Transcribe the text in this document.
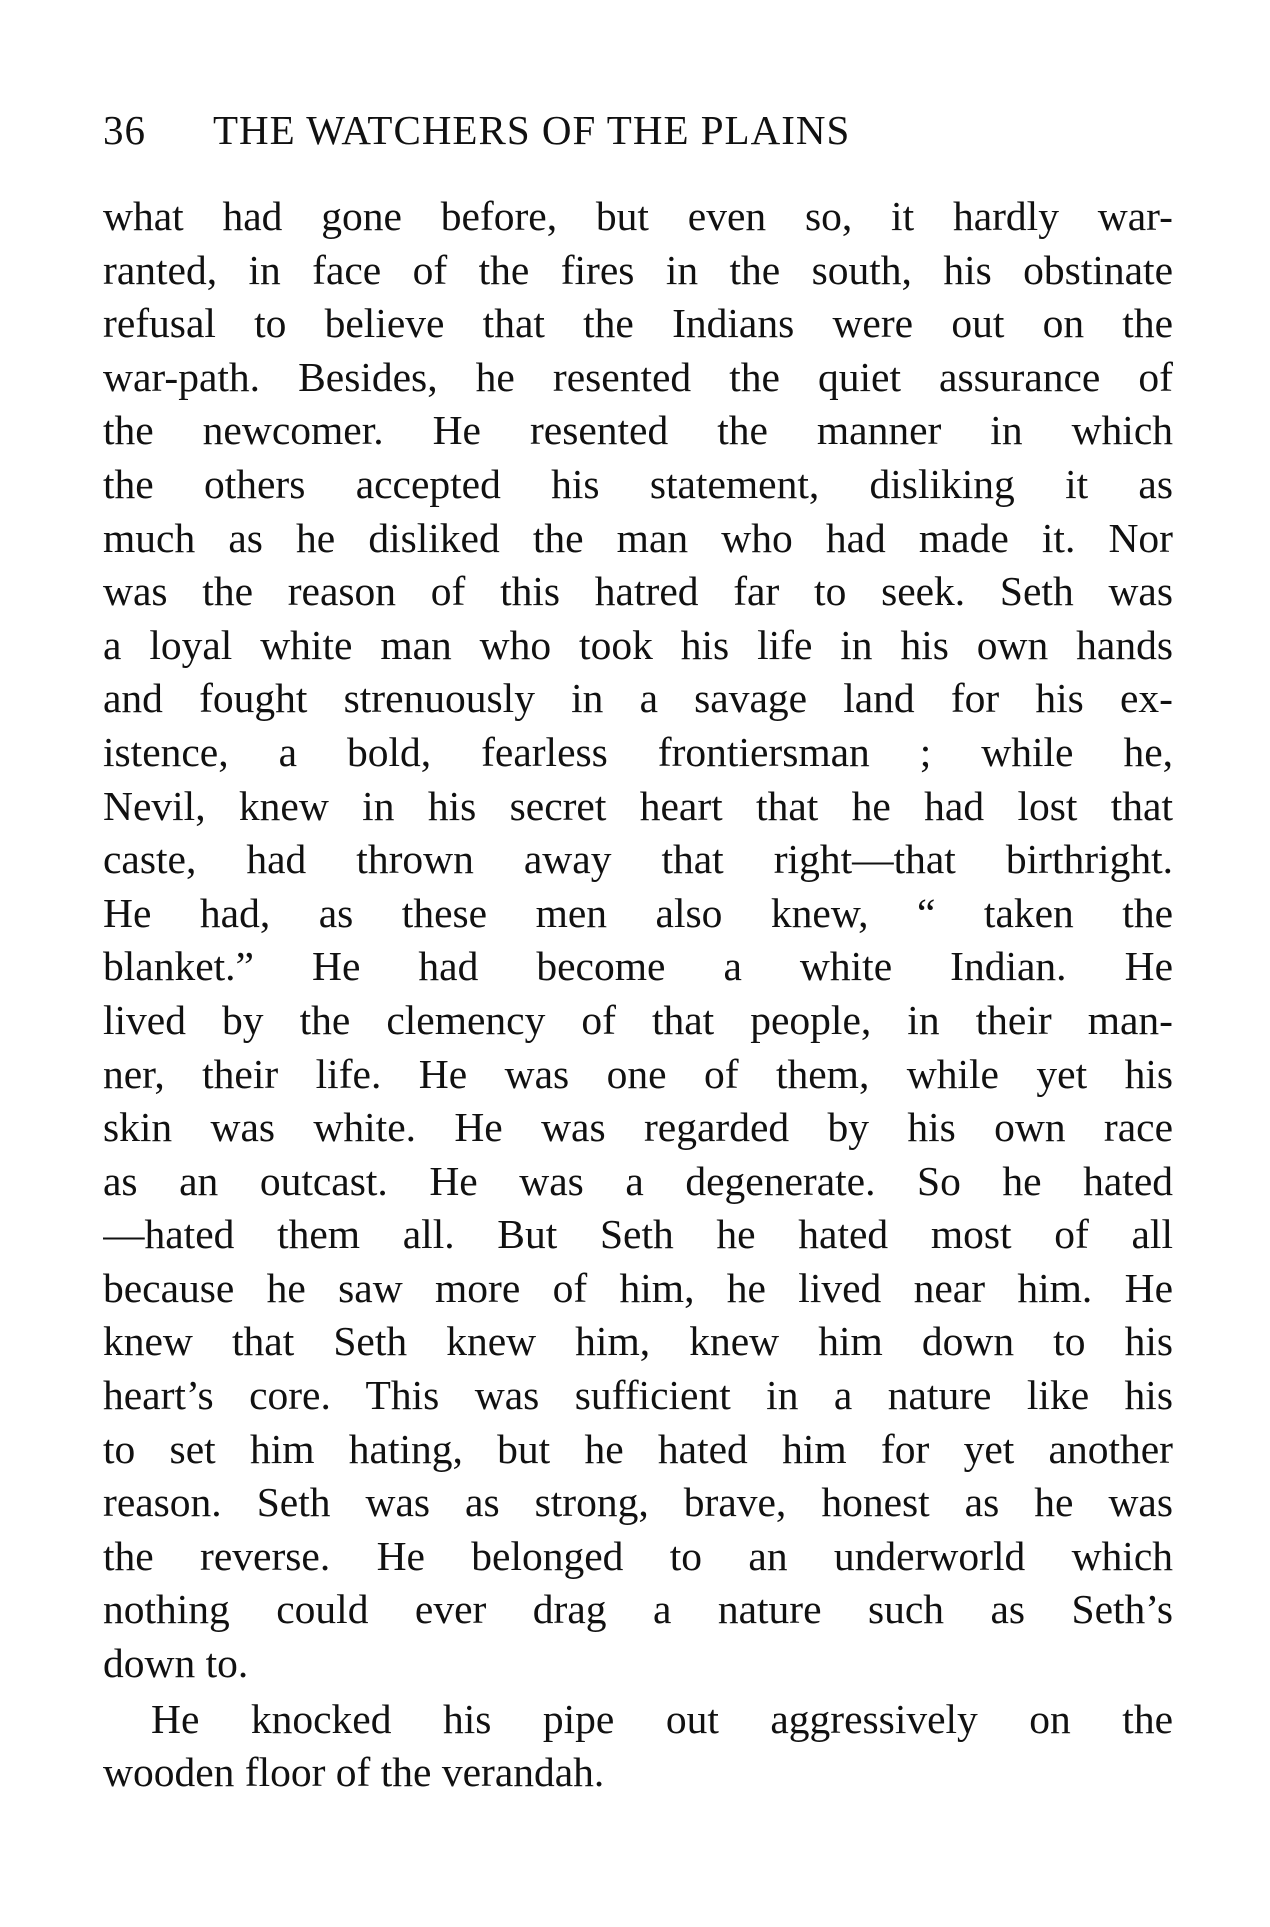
36 THE WATCHERS OF THE PLAINS
what had gone before, but even so, it hardly war-
ranted, in face of the fires in the south, his obstinate
refusal to believe that the Indians were out on the
war-path. Besides, he resented the quiet assurance of
the newcomer. He resented the manner in which
the others accepted his statement, disliking it as
much as he disliked the man who had made it. Nor
was the reason of this hatred far to seek. Seth was
a loyal white man who took his life in his own hands
and fought strenuously in a savage land for his ex-
istence, a bold, fearless frontiersman ; while he,
Nevil, knew in his secret heart that he had lost that
caste, had thrown away that right—that birthright.
He had, as these men also knew, “ taken the
blanket.” He had become a white Indian. He
lived by the clemency of that people, in their man-
ner, their life. He was one of them, while yet his
skin was white. He was regarded by his own race
as an outcast. He was a degenerate. So he hated
—hated them all. But Seth he hated most of all
because he saw more of him, he lived near him. He
knew that Seth knew him, knew him down to his
heart’s core. This was sufficient in a nature like his
to set him hating, but he hated him for yet another
reason. Seth was as strong, brave, honest as he was
the reverse. He belonged to an underworld which
nothing could ever drag a nature such as Seth’s
down to.
He knocked his pipe out aggressively on the
wooden floor of the verandah.
